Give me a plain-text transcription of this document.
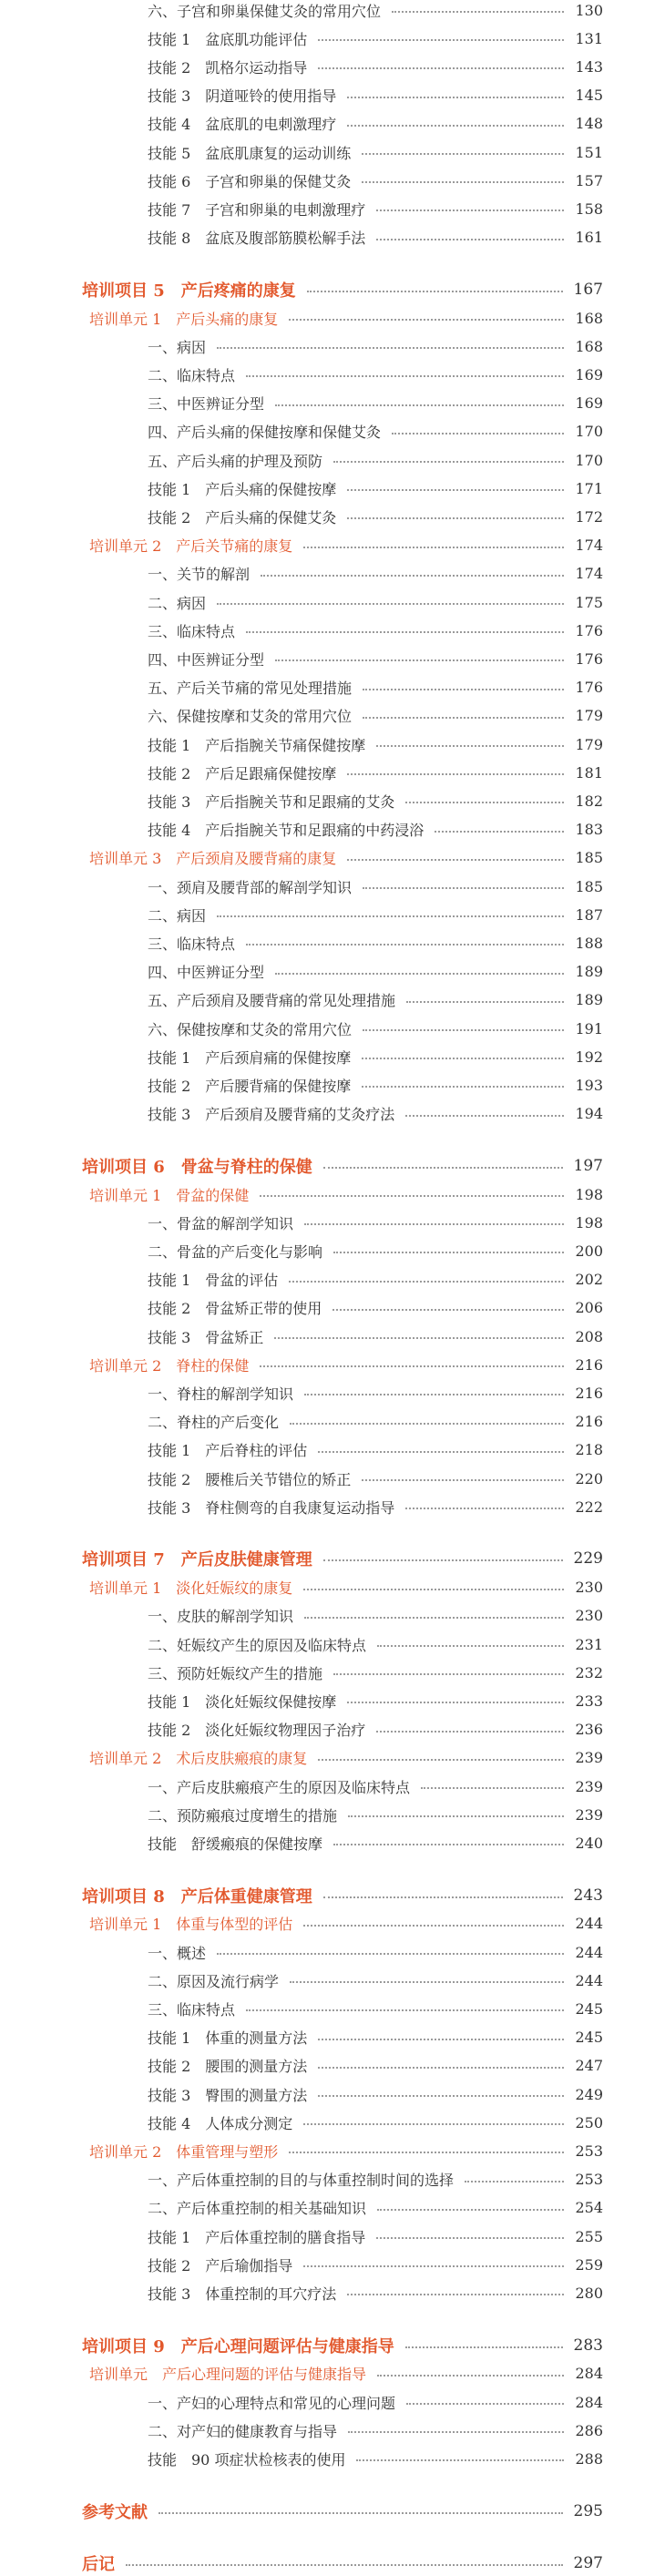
六、子宫和卵巢保健艾灸的常用穴位	130
技能 1　盆底肌功能评估	131
技能 2　凯格尔运动指导	143
技能 3　阴道哑铃的使用指导	145
技能 4　盆底肌的电刺激理疗	148
技能 5　盆底肌康复的运动训练	151
技能 6　子宫和卵巢的保健艾灸	157
技能 7　子宫和卵巢的电刺激理疗	158
技能 8　盆底及腹部筋膜松解手法	161
培训项目 5　产后疼痛的康复	167
培训单元 1　产后头痛的康复	168
一、病因	168
二、临床特点	169
三、中医辨证分型	169
四、产后头痛的保健按摩和保健艾灸	170
五、产后头痛的护理及预防	170
技能 1　产后头痛的保健按摩	171
技能 2　产后头痛的保健艾灸	172
培训单元 2　产后关节痛的康复	174
一、关节的解剖	174
二、病因	175
三、临床特点	176
四、中医辨证分型	176
五、产后关节痛的常见处理措施	176
六、保健按摩和艾灸的常用穴位	179
技能 1　产后指腕关节痛保健按摩	179
技能 2　产后足跟痛保健按摩	181
技能 3　产后指腕关节和足跟痛的艾灸	182
技能 4　产后指腕关节和足跟痛的中药浸浴	183
培训单元 3　产后颈肩及腰背痛的康复	185
一、颈肩及腰背部的解剖学知识	185
二、病因	187
三、临床特点	188
四、中医辨证分型	189
五、产后颈肩及腰背痛的常见处理措施	189
六、保健按摩和艾灸的常用穴位	191
技能 1　产后颈肩痛的保健按摩	192
技能 2　产后腰背痛的保健按摩	193
技能 3　产后颈肩及腰背痛的艾灸疗法	194
培训项目 6　骨盆与脊柱的保健	197
培训单元 1　骨盆的保健	198
一、骨盆的解剖学知识	198
二、骨盆的产后变化与影响	200
技能 1　骨盆的评估	202
技能 2　骨盆矫正带的使用	206
技能 3　骨盆矫正	208
培训单元 2　脊柱的保健	216
一、脊柱的解剖学知识	216
二、脊柱的产后变化	216
技能 1　产后脊柱的评估	218
技能 2　腰椎后关节错位的矫正	220
技能 3　脊柱侧弯的自我康复运动指导	222
培训项目 7　产后皮肤健康管理	229
培训单元 1　淡化妊娠纹的康复	230
一、皮肤的解剖学知识	230
二、妊娠纹产生的原因及临床特点	231
三、预防妊娠纹产生的措施	232
技能 1　淡化妊娠纹保健按摩	233
技能 2　淡化妊娠纹物理因子治疗	236
培训单元 2　术后皮肤瘢痕的康复	239
一、产后皮肤瘢痕产生的原因及临床特点	239
二、预防瘢痕过度增生的措施	239
技能　舒缓瘢痕的保健按摩	240
培训项目 8　产后体重健康管理	243
培训单元 1　体重与体型的评估	244
一、概述	244
二、原因及流行病学	244
三、临床特点	245
技能 1　体重的测量方法	245
技能 2　腰围的测量方法	247
技能 3　臀围的测量方法	249
技能 4　人体成分测定	250
培训单元 2　体重管理与塑形	253
一、产后体重控制的目的与体重控制时间的选择	253
二、产后体重控制的相关基础知识	254
技能 1　产后体重控制的膳食指导	255
技能 2　产后瑜伽指导	259
技能 3　体重控制的耳穴疗法	280
培训项目 9　产后心理问题评估与健康指导	283
培训单元　产后心理问题的评估与健康指导	284
一、产妇的心理特点和常见的心理问题	284
二、对产妇的健康教育与指导	286
技能　90 项症状检核表的使用	288
参考文献	295
后记	297
